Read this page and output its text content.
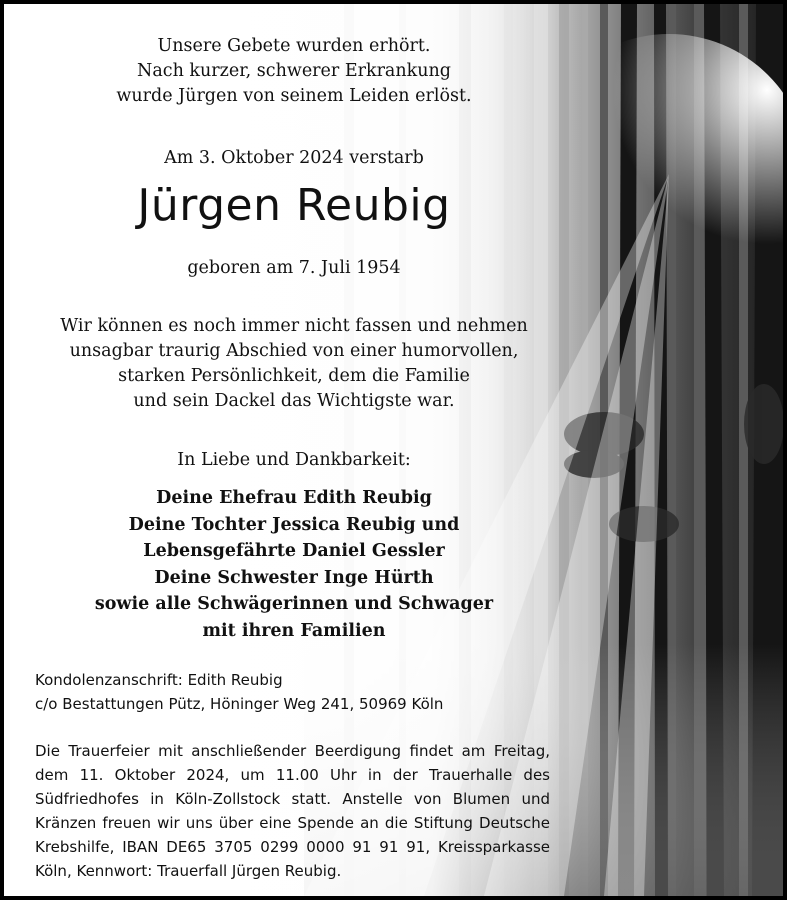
Unsere Gebete wurden erhört.
Nach kurzer, schwerer Erkrankung
wurde Jürgen von seinem Leiden erlöst.
Am 3. Oktober 2024 verstarb
Jürgen Reubig
geboren am 7. Juli 1954
Wir können es noch immer nicht fassen und nehmen
unsagbar traurig Abschied von einer humorvollen,
starken Persönlichkeit, dem die Familie
und sein Dackel das Wichtigste war.
In Liebe und Dankbarkeit:
Deine Ehefrau Edith Reubig
Deine Tochter Jessica Reubig und
Lebensgefährte Daniel Gessler
Deine Schwester Inge Hürth
sowie alle Schwägerinnen und Schwager
mit ihren Familien
Kondolenzanschrift: Edith Reubig
c/o Bestattungen Pütz, Höninger Weg 241, 50969 Köln
Die Trauerfeier mit anschließender Beerdigung findet am Freitag, dem 11. Oktober 2024, um 11.00 Uhr in der Trauerhalle des Südfriedhofes in Köln-Zollstock statt. Anstelle von Blumen und Kränzen freuen wir uns über eine Spende an die Stiftung Deutsche Krebshilfe, IBAN DE65 3705 0299 0000 91 91 91, Kreissparkasse Köln, Kennwort: Trauerfall Jürgen Reubig.
